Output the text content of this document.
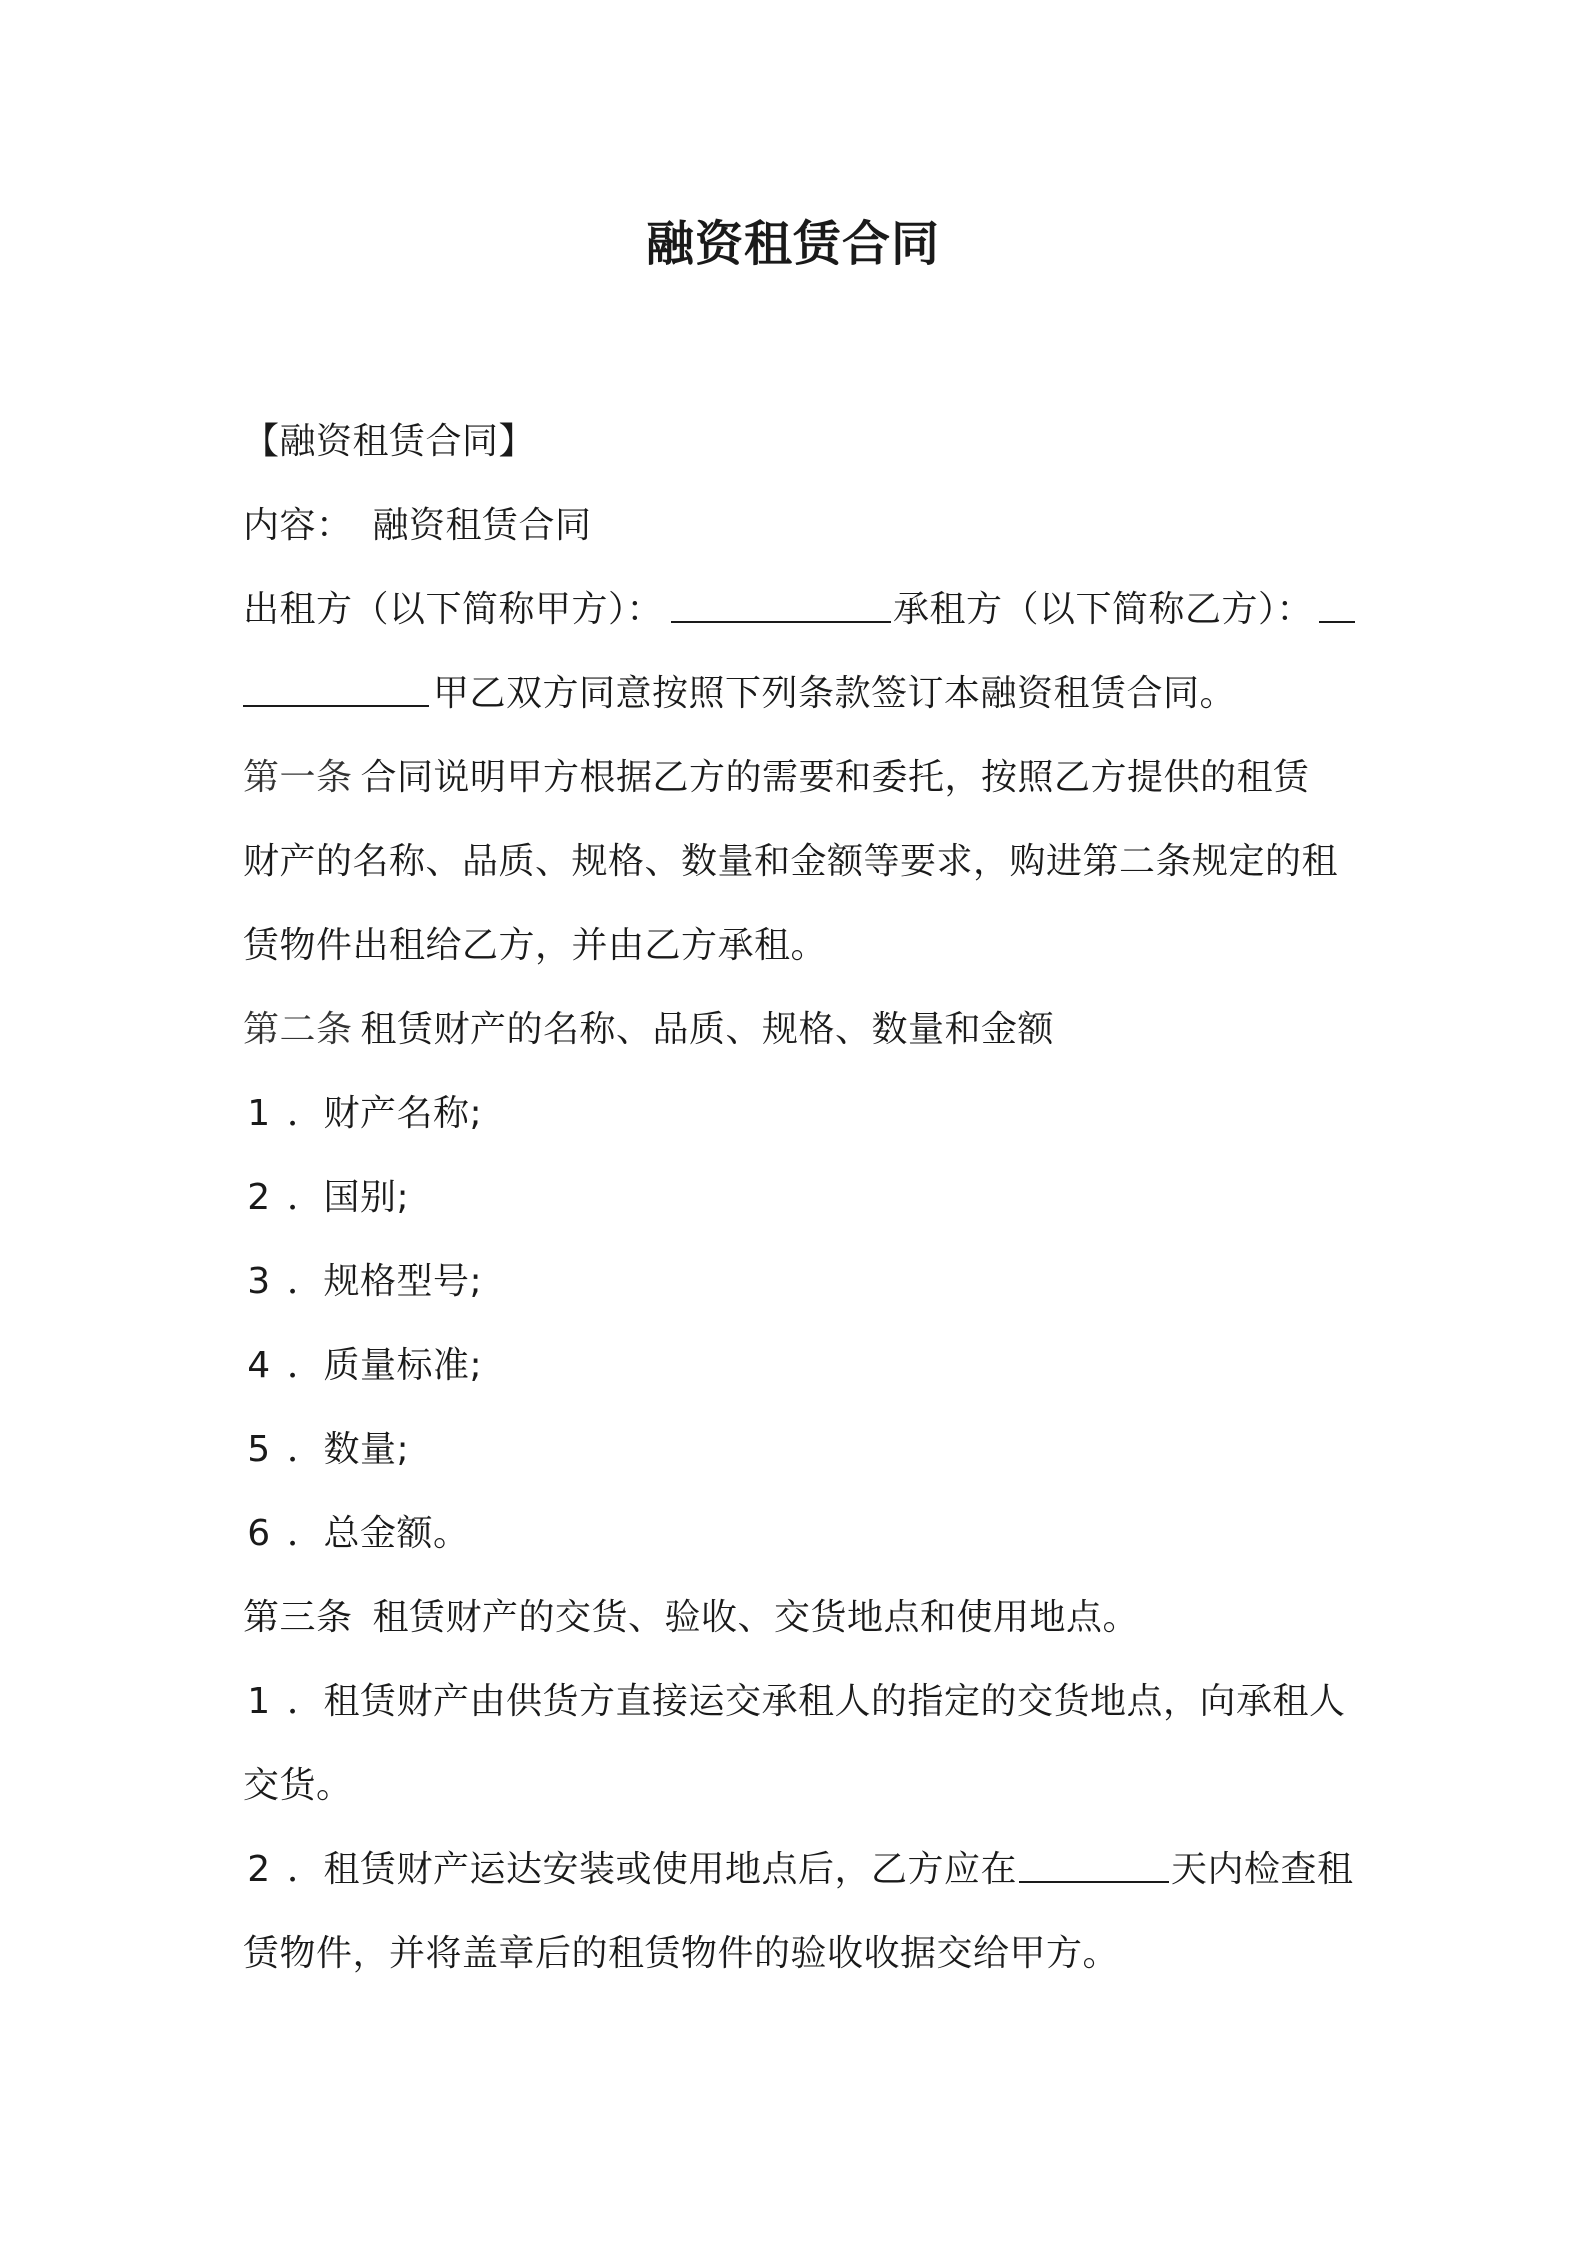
融资租赁合同
【融资租赁合同】
内容： 融资租赁合同
出租方（以下简称甲方）：	承租方（以下简称乙方）：
甲乙双方同意按照下列条款签订本融资租赁合同。
第一条 合同说明甲方根据乙方的需要和委托，按照乙方提供的租赁
财产的名称、品质、规格、数量和金额等要求，购进第二条规定的租
赁物件出租给乙方，并由乙方承租。
第二条 租赁财产的名称、品质、规格、数量和金额
1 ．财产名称;
2 ．国别;
3 ．规格型号;
4 ．质量标准;
5 ．数量;
6 ．总金额。
第三条 租赁财产的交货、验收、交货地点和使用地点。
1 ．租赁财产由供货方直接运交承租人的指定的交货地点，向承租人
交货。
2 ．租赁财产运达安装或使用地点后，乙方应在	天内检查租
赁物件，并将盖章后的租赁物件的验收收据交给甲方。
